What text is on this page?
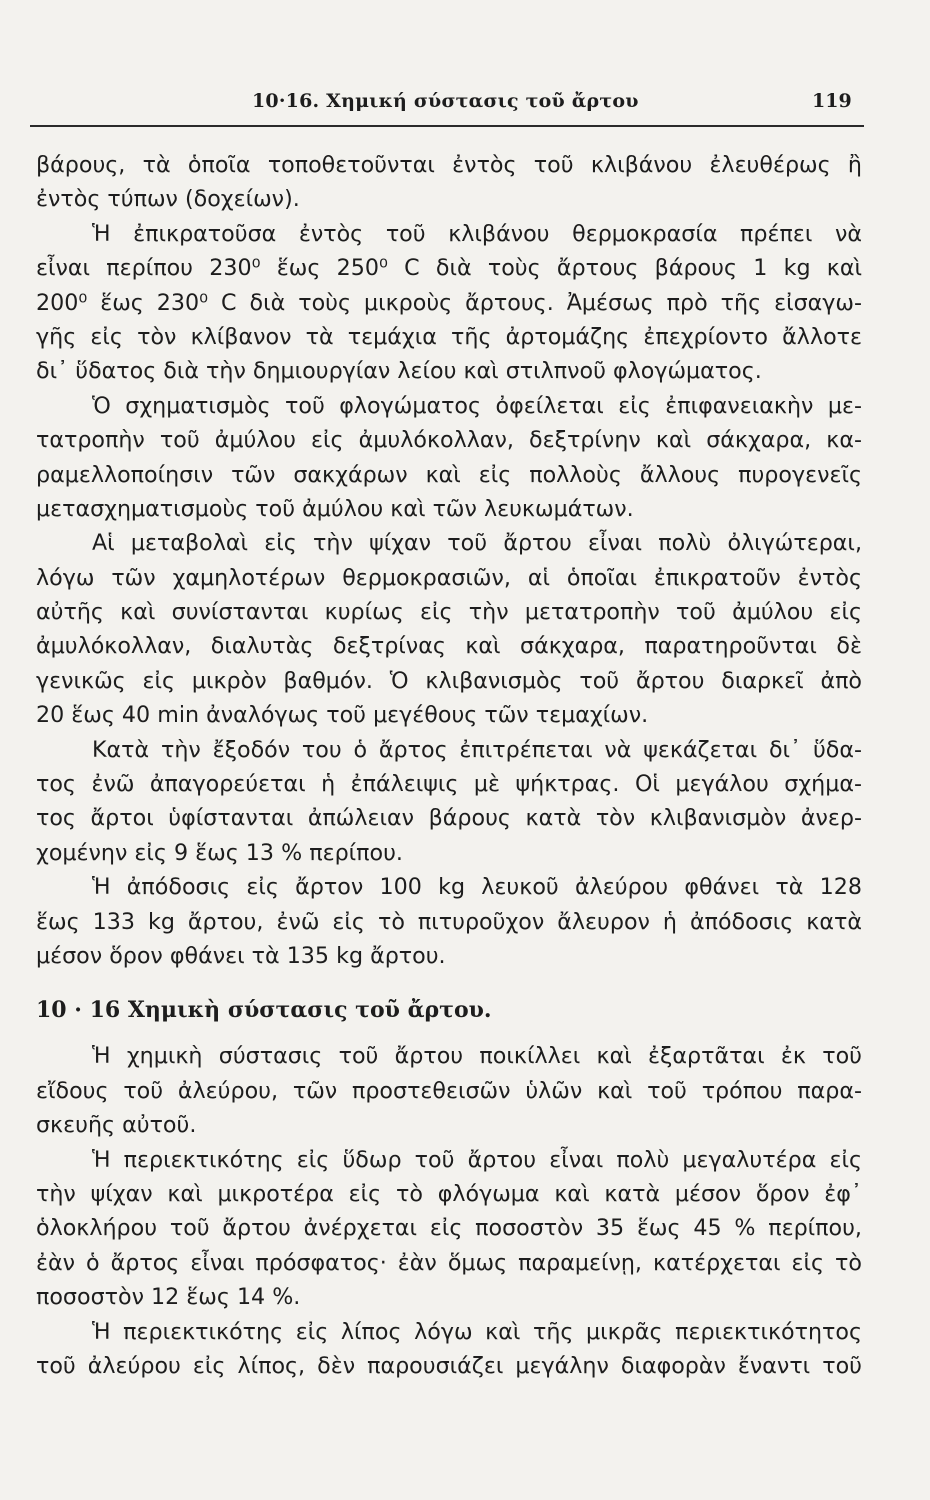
10·16. Χημική σύστασις τοῦ ἄρτου	119
βάρους, τὰ ὁποῖα τοποθετοῦνται ἐντὸς τοῦ κλιβάνου ἐλευθέρως ἢ
ἐντὸς τύπων (δοχείων).
Ἡ ἐπικρατοῦσα ἐντὸς τοῦ κλιβάνου θερμοκρασία πρέπει νὰ
εἶναι περίπου 230⁰ ἕως 250⁰ C διὰ τοὺς ἄρτους βάρους 1 kg καὶ
200⁰ ἕως 230⁰ C διὰ τοὺς μικροὺς ἄρτους. Ἀμέσως πρὸ τῆς εἰσαγω-
γῆς εἰς τὸν κλίβανον τὰ τεμάχια τῆς ἀρτομάζης ἐπεχρίοντο ἄλλοτε
δι᾿ ὕδατος διὰ τὴν δημιουργίαν λείου καὶ στιλπνοῦ φλογώματος.
Ὁ σχηματισμὸς τοῦ φλογώματος ὀφείλεται εἰς ἐπιφανειακὴν με-
τατροπὴν τοῦ ἀμύλου εἰς ἀμυλόκολλαν, δεξτρίνην καὶ σάκχαρα, κα-
ραμελλοποίησιν τῶν σακχάρων καὶ εἰς πολλοὺς ἄλλους πυρογενεῖς
μετασχηματισμοὺς τοῦ ἀμύλου καὶ τῶν λευκωμάτων.
Αἱ μεταβολαὶ εἰς τὴν ψίχαν τοῦ ἄρτου εἶναι πολὺ ὀλιγώτεραι,
λόγω τῶν χαμηλοτέρων θερμοκρασιῶν, αἱ ὁποῖαι ἐπικρατοῦν ἐντὸς
αὐτῆς καὶ συνίστανται κυρίως εἰς τὴν μετατροπὴν τοῦ ἀμύλου εἰς
ἀμυλόκολλαν, διαλυτὰς δεξτρίνας καὶ σάκχαρα, παρατηροῦνται δὲ
γενικῶς εἰς μικρὸν βαθμόν. Ὁ κλιβανισμὸς τοῦ ἄρτου διαρκεῖ ἀπὸ
20 ἕως 40 min ἀναλόγως τοῦ μεγέθους τῶν τεμαχίων.
Κατὰ τὴν ἔξοδόν του ὁ ἄρτος ἐπιτρέπεται νὰ ψεκάζεται δι᾿ ὕδα-
τος ἐνῶ ἀπαγορεύεται ἡ ἐπάλειψις μὲ ψήκτρας. Οἱ μεγάλου σχήμα-
τος ἄρτοι ὑφίστανται ἀπώλειαν βάρους κατὰ τὸν κλιβανισμὸν ἀνερ-
χομένην εἰς 9 ἕως 13 % περίπου.
Ἡ ἀπόδοσις εἰς ἄρτον 100 kg λευκοῦ ἀλεύρου φθάνει τὰ 128
ἕως 133 kg ἄρτου, ἐνῶ εἰς τὸ πιτυροῦχον ἄλευρον ἡ ἀπόδοσις κατὰ
μέσον ὅρον φθάνει τὰ 135 kg ἄρτου.
10 · 16 Χημικὴ σύστασις τοῦ ἄρτου.
Ἡ χημικὴ σύστασις τοῦ ἄρτου ποικίλλει καὶ ἐξαρτᾶται ἐκ τοῦ
εἴδους τοῦ ἀλεύρου, τῶν προστεθεισῶν ὑλῶν καὶ τοῦ τρόπου παρα-
σκευῆς αὐτοῦ.
Ἡ περιεκτικότης εἰς ὕδωρ τοῦ ἄρτου εἶναι πολὺ μεγαλυτέρα εἰς
τὴν ψίχαν καὶ μικροτέρα εἰς τὸ φλόγωμα καὶ κατὰ μέσον ὅρον ἐφ᾿
ὁλοκλήρου τοῦ ἄρτου ἀνέρχεται εἰς ποσοστὸν 35 ἕως 45 % περίπου,
ἐὰν ὁ ἄρτος εἶναι πρόσφατος· ἐὰν ὅμως παραμείνῃ, κατέρχεται εἰς τὸ
ποσοστὸν 12 ἕως 14 %.
Ἡ περιεκτικότης εἰς λίπος λόγω καὶ τῆς μικρᾶς περιεκτικότητος
τοῦ ἀλεύρου εἰς λίπος, δὲν παρουσιάζει μεγάλην διαφορὰν ἔναντι τοῦ
